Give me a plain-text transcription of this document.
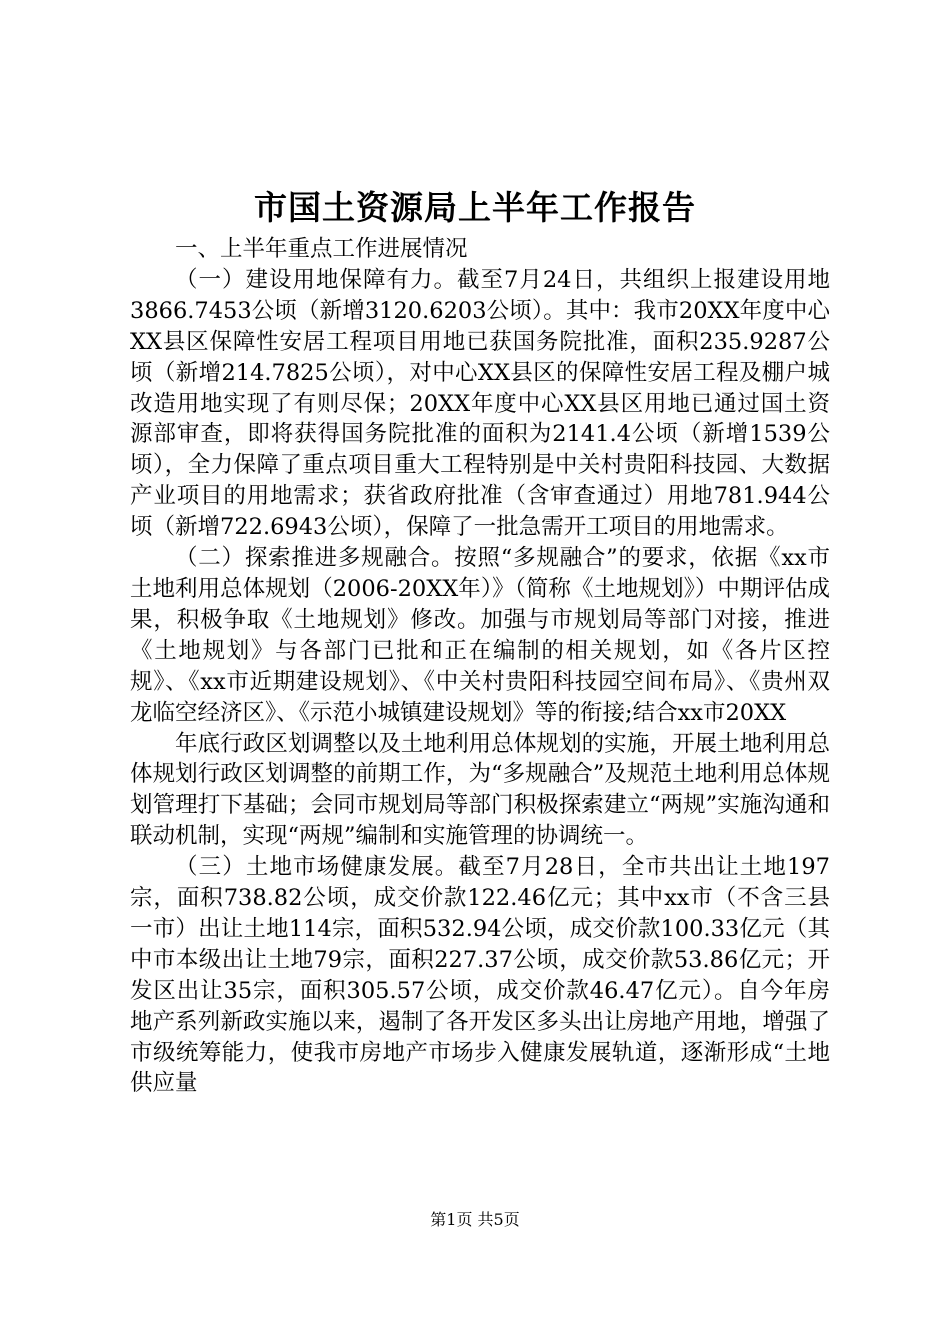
市国土资源局上半年工作报告

一、上半年重点工作进展情况

（一）建设用地保障有力。截至7月24日，共组织上报建设用地3866.7453公顷（新增3120.6203公顷）。其中：我市20XX年度中心XX县区保障性安居工程项目用地已获国务院批准，面积235.9287公顷（新增214.7825公顷），对中心XX县区的保障性安居工程及棚户城改造用地实现了有则尽保；20XX年度中心XX县区用地已通过国土资源部审查，即将获得国务院批准的面积为2141.4公顷（新增1539公顷），全力保障了重点项目重大工程特别是中关村贵阳科技园、大数据产业项目的用地需求；获省政府批准（含审查通过）用地781.944公顷（新增722.6943公顷），保障了一批急需开工项目的用地需求。

（二）探索推进多规融合。按照“多规融合”的要求，依据《xx市土地利用总体规划（2006-20XX年）》（简称《土地规划》）中期评估成果，积极争取《土地规划》修改。加强与市规划局等部门对接，推进《土地规划》与各部门已批和正在编制的相关规划，如《各片区控规》、《xx市近期建设规划》、《中关村贵阳科技园空间布局》、《贵州双龙临空经济区》、《示范小城镇建设规划》等的衔接;结合xx市20XX

年底行政区划调整以及土地利用总体规划的实施，开展土地利用总体规划行政区划调整的前期工作，为“多规融合”及规范土地利用总体规划管理打下基础；会同市规划局等部门积极探索建立“两规”实施沟通和联动机制，实现“两规”编制和实施管理的协调统一。

（三）土地市场健康发展。截至7月28日，全市共出让土地197宗，面积738.82公顷，成交价款122.46亿元；其中xx市（不含三县一市）出让土地114宗，面积532.94公顷，成交价款100.33亿元（其中市本级出让土地79宗，面积227.37公顷，成交价款53.86亿元；开发区出让35宗，面积305.57公顷，成交价款46.47亿元）。自今年房地产系列新政实施以来，遏制了各开发区多头出让房地产用地，增强了市级统筹能力，使我市房地产市场步入健康发展轨道，逐渐形成“土地供应量

第1页 共5页
